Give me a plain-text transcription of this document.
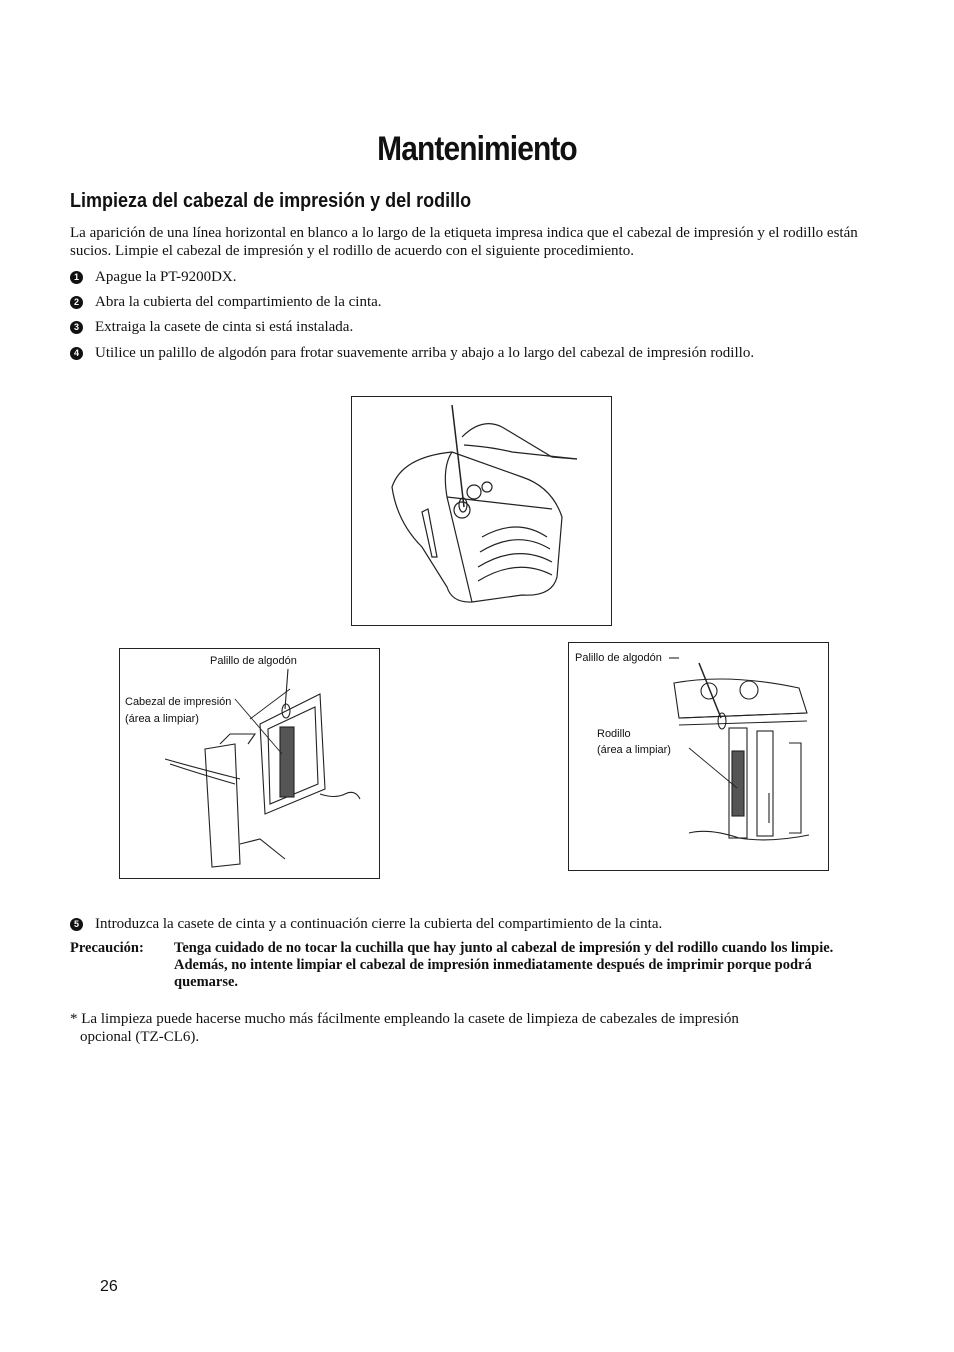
Mantenimiento
Limpieza del cabezal de impresión y del rodillo

La aparición de una línea horizontal en blanco a lo largo de la etiqueta impresa indica que el cabezal de impresión y el rodillo están sucios. Limpie el cabezal de impresión y el rodillo de acuerdo con el siguiente procedimiento.

1 Apague la PT-9200DX.
2 Abra la cubierta del compartimiento de la cinta.
3 Extraiga la casete de cinta si está instalada.
4 Utilice un palillo de algodón para frotar suavemente arriba y abajo a lo largo del cabezal de impresión rodillo.
Palillo de algodón
Cabezal de impresión
(área a limpiar)
Palillo de algodón
Rodillo
(área a limpiar)
5 Introduzca la casete de cinta y a continuación cierre la cubierta del compartimiento de la cinta.
Precaución: Tenga cuidado de no tocar la cuchilla que hay junto al cabezal de impresión y del rodillo cuando los limpie. Además, no intente limpiar el cabezal de impresión inmediatamente después de imprimir porque podrá quemarse.
* La limpieza puede hacerse mucho más fácilmente empleando la casete de limpieza de cabezales de impresión
opcional (TZ-CL6).
26
